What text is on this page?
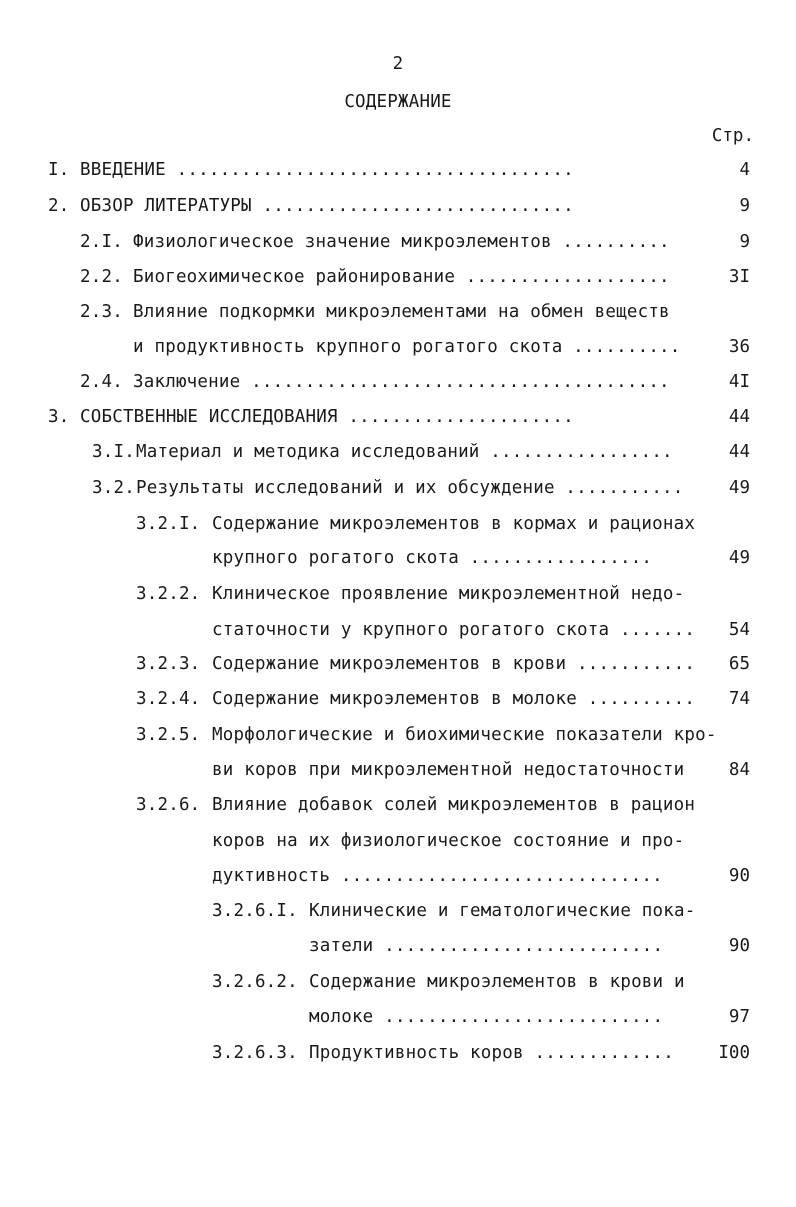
2
СОДЕРЖАНИЕ
Стр.
I. ВВЕДЕНИЕ .....................................	4
2. ОБЗОР ЛИТЕРАТУРЫ .............................	9
2.I. Физиологическое значение микроэлементов ..........	9
2.2. Биогеохимическое районирование ...................	3I
2.3. Влияние подкормки микроэлементами на обмен веществ
и продуктивность крупного рогатого скота ..........	36
2.4. Заключение .......................................	4I
3. СОБСТВЕННЫЕ ИССЛЕДОВАНИЯ .....................	44
3.I. Материал и методика исследований .................	44
3.2. Результаты исследований и их обсуждение ...........	49
3.2.I. Содержание микроэлементов в кормах и рационах
крупного рогатого скота .................	49
3.2.2. Клиническое проявление микроэлементной недо-
статочности у крупного рогатого скота .......	54
3.2.3. Содержание микроэлементов в крови ...........	65
3.2.4. Содержание микроэлементов в молоке ..........	74
3.2.5. Морфологические и биохимические показатели кро-
ви коров при микроэлементной недостаточности	84
3.2.6. Влияние добавок солей микроэлементов в рацион
коров на их физиологическое состояние и про-
дуктивность ..............................	90
3.2.6.I. Клинические и гематологические пока-
затели ..........................	90
3.2.6.2. Содержание микроэлементов в крови и
молоке ..........................	97
3.2.6.3. Продуктивность коров .............	I00
